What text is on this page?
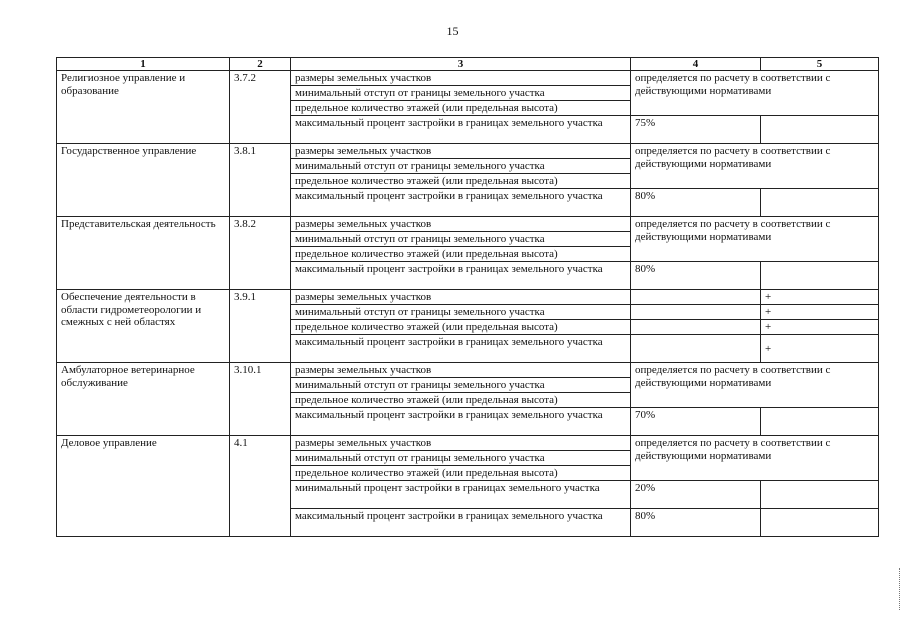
15
1	2	3	4	5
Религиозное управление и образование	3.7.2	размеры земельных участков	определяется по расчету в соответствии с действующими нормативами	
		минимальный отступ от границы земельного участка		
		предельное количество этажей (или предельная высота)		
		максимальный процент застройки в границах земельного участка	75%	
Государственное управление	3.8.1	размеры земельных участков	определяется по расчету в соответствии с действующими нормативами	
		минимальный отступ от границы земельного участка		
		предельное количество этажей (или предельная высота)		
		максимальный процент застройки в границах земельного участка	80%	
Представительская деятельность	3.8.2	размеры земельных участков	определяется по расчету в соответствии с действующими нормативами	
		минимальный отступ от границы земельного участка		
		предельное количество этажей (или предельная высота)		
		максимальный процент застройки в границах земельного участка	80%	
Обеспечение деятельности в области гидрометеорологии и смежных с ней областях	3.9.1	размеры земельных участков		+
		минимальный отступ от границы земельного участка		+
		предельное количество этажей (или предельная высота)		+
		максимальный процент застройки в границах земельного участка		+
Амбулаторное ветеринарное обслуживание	3.10.1	размеры земельных участков	определяется по расчету в соответствии с действующими нормативами	
		минимальный отступ от границы земельного участка		
		предельное количество этажей (или предельная высота)		
		максимальный процент застройки в границах земельного участка	70%	
Деловое управление	4.1	размеры земельных участков	определяется по расчету в соответствии с действующими нормативами	
		минимальный отступ от границы земельного участка		
		предельное количество этажей (или предельная высота)		
		минимальный процент застройки в границах земельного участка	20%	
		максимальный процент застройки в границах земельного участка	80%	
